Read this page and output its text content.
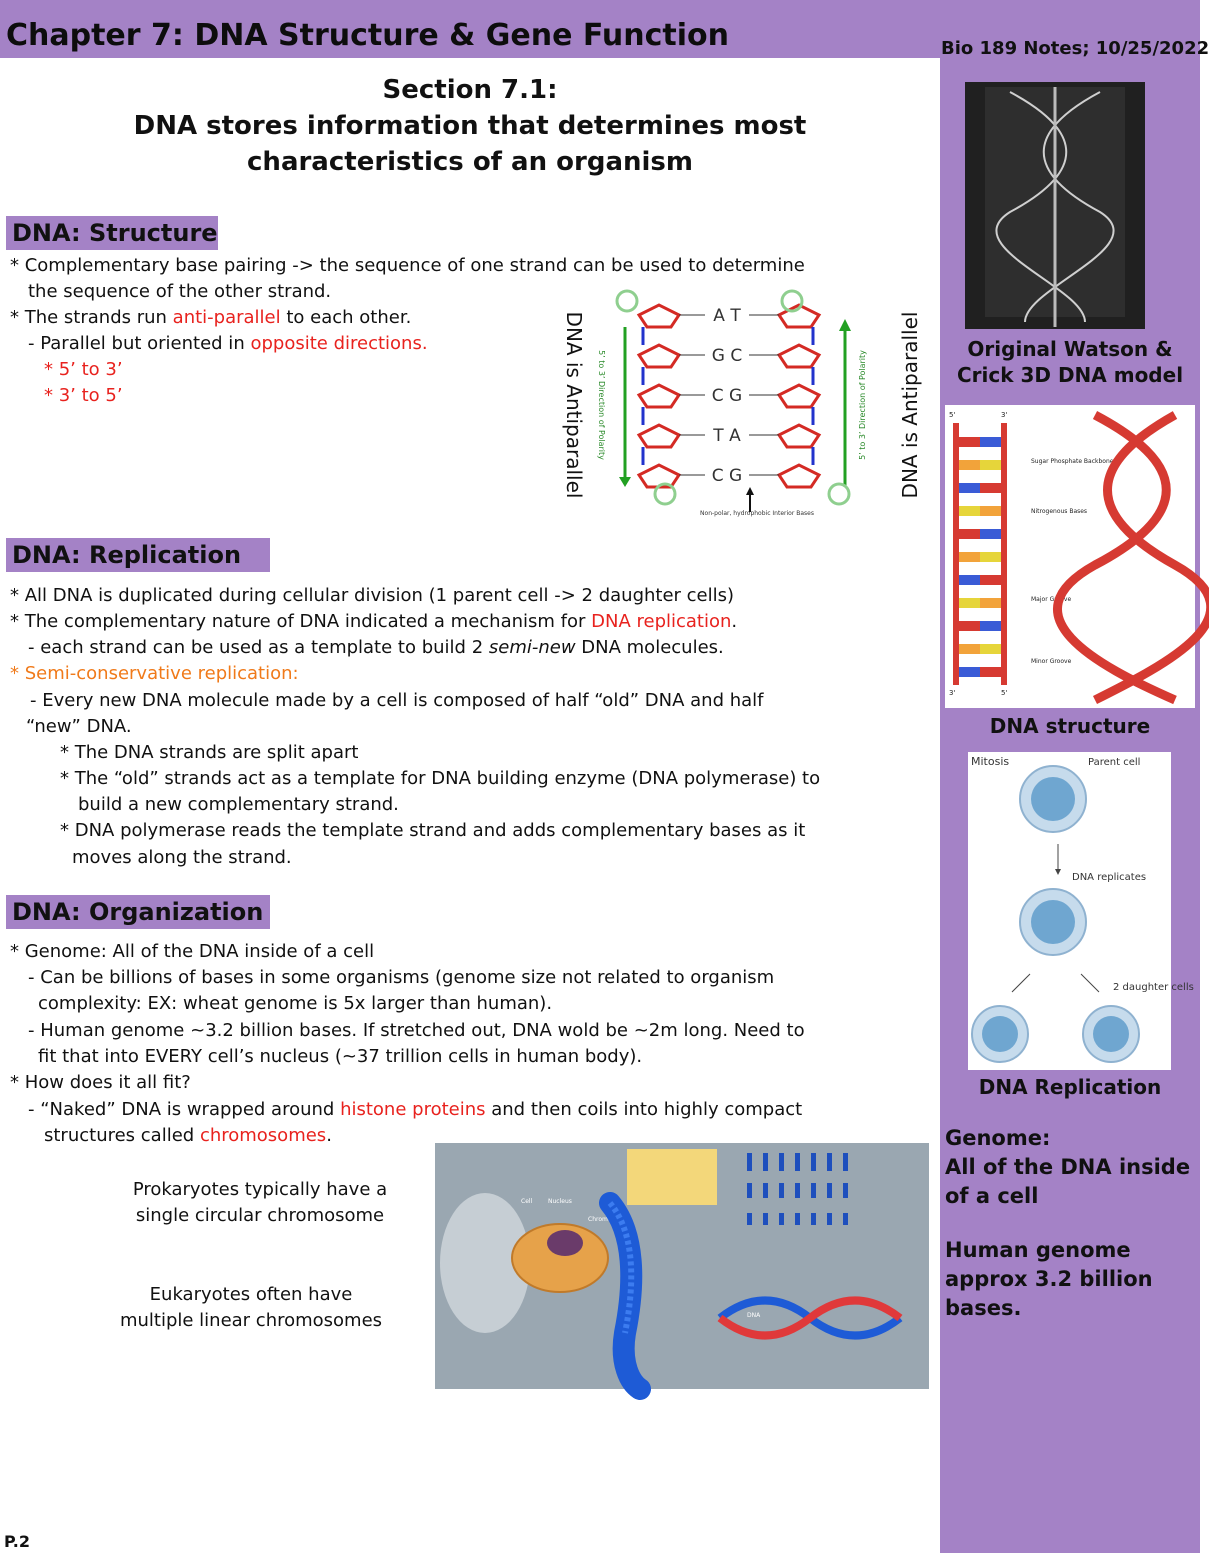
Chapter 7: DNA Structure & Gene Function	Bio 189 Notes; 10/25/2022
Section 7.1:
DNA stores information that determines most
characteristics of an organism
DNA: Structure
* Complementary base pairing -> the sequence of one strand can be used to determine
the sequence of the other strand.
* The strands run anti-parallel to each other.
- Parallel but oriented in opposite directions.
* 5’ to 3’
* 3’ to 5’	DNA is Antiparallel 5’ to 3’ Direction of Polarity	DNA is Antiparallel
5’ to 3’ Direction of Polarity
A T
G C
C G
T A
C G
Non-polar, hydrophobic Interior Bases
DNA: Replication
* All DNA is duplicated during cellular division (1 parent cell -> 2 daughter cells)
* The complementary nature of DNA indicated a mechanism for DNA replication.
- each strand can be used as a template to build 2 semi-new DNA molecules.
* Semi-conservative replication:
- Every new DNA molecule made by a cell is composed of half “old” DNA and half
“new” DNA.
* The DNA strands are split apart
* The “old” strands act as a template for DNA building enzyme (DNA polymerase) to
build a new complementary strand.
* DNA polymerase reads the template strand and adds complementary bases as it
moves along the strand.
DNA: Organization
* Genome: All of the DNA inside of a cell
- Can be billions of bases in some organisms (genome size not related to organism
complexity: EX: wheat genome is 5x larger than human).
- Human genome ~3.2 billion bases. If stretched out, DNA wold be ~2m long. Need to
fit that into EVERY cell’s nucleus (~37 trillion cells in human body).
* How does it all fit?
- “Naked” DNA is wrapped around histone proteins and then coils into highly compact
structures called chromosomes.
Prokaryotes typically have a
single circular chromosome
Eukaryotes often have
multiple linear chromosomes
Cell	Nucleus
Chromosome
DNA
Original Watson &
Crick 3D DNA model
5'	3'
3'	5'
Sugar Phosphate Backbone
Nitrogenous Bases
Major Groove
Minor Groove
DNA structure
Mitosis	Parent cell
DNA replicates
2 daughter cells
DNA Replication
Genome:
All of the DNA inside
of a cell
Human genome
approx 3.2 billion
bases.
P.2
